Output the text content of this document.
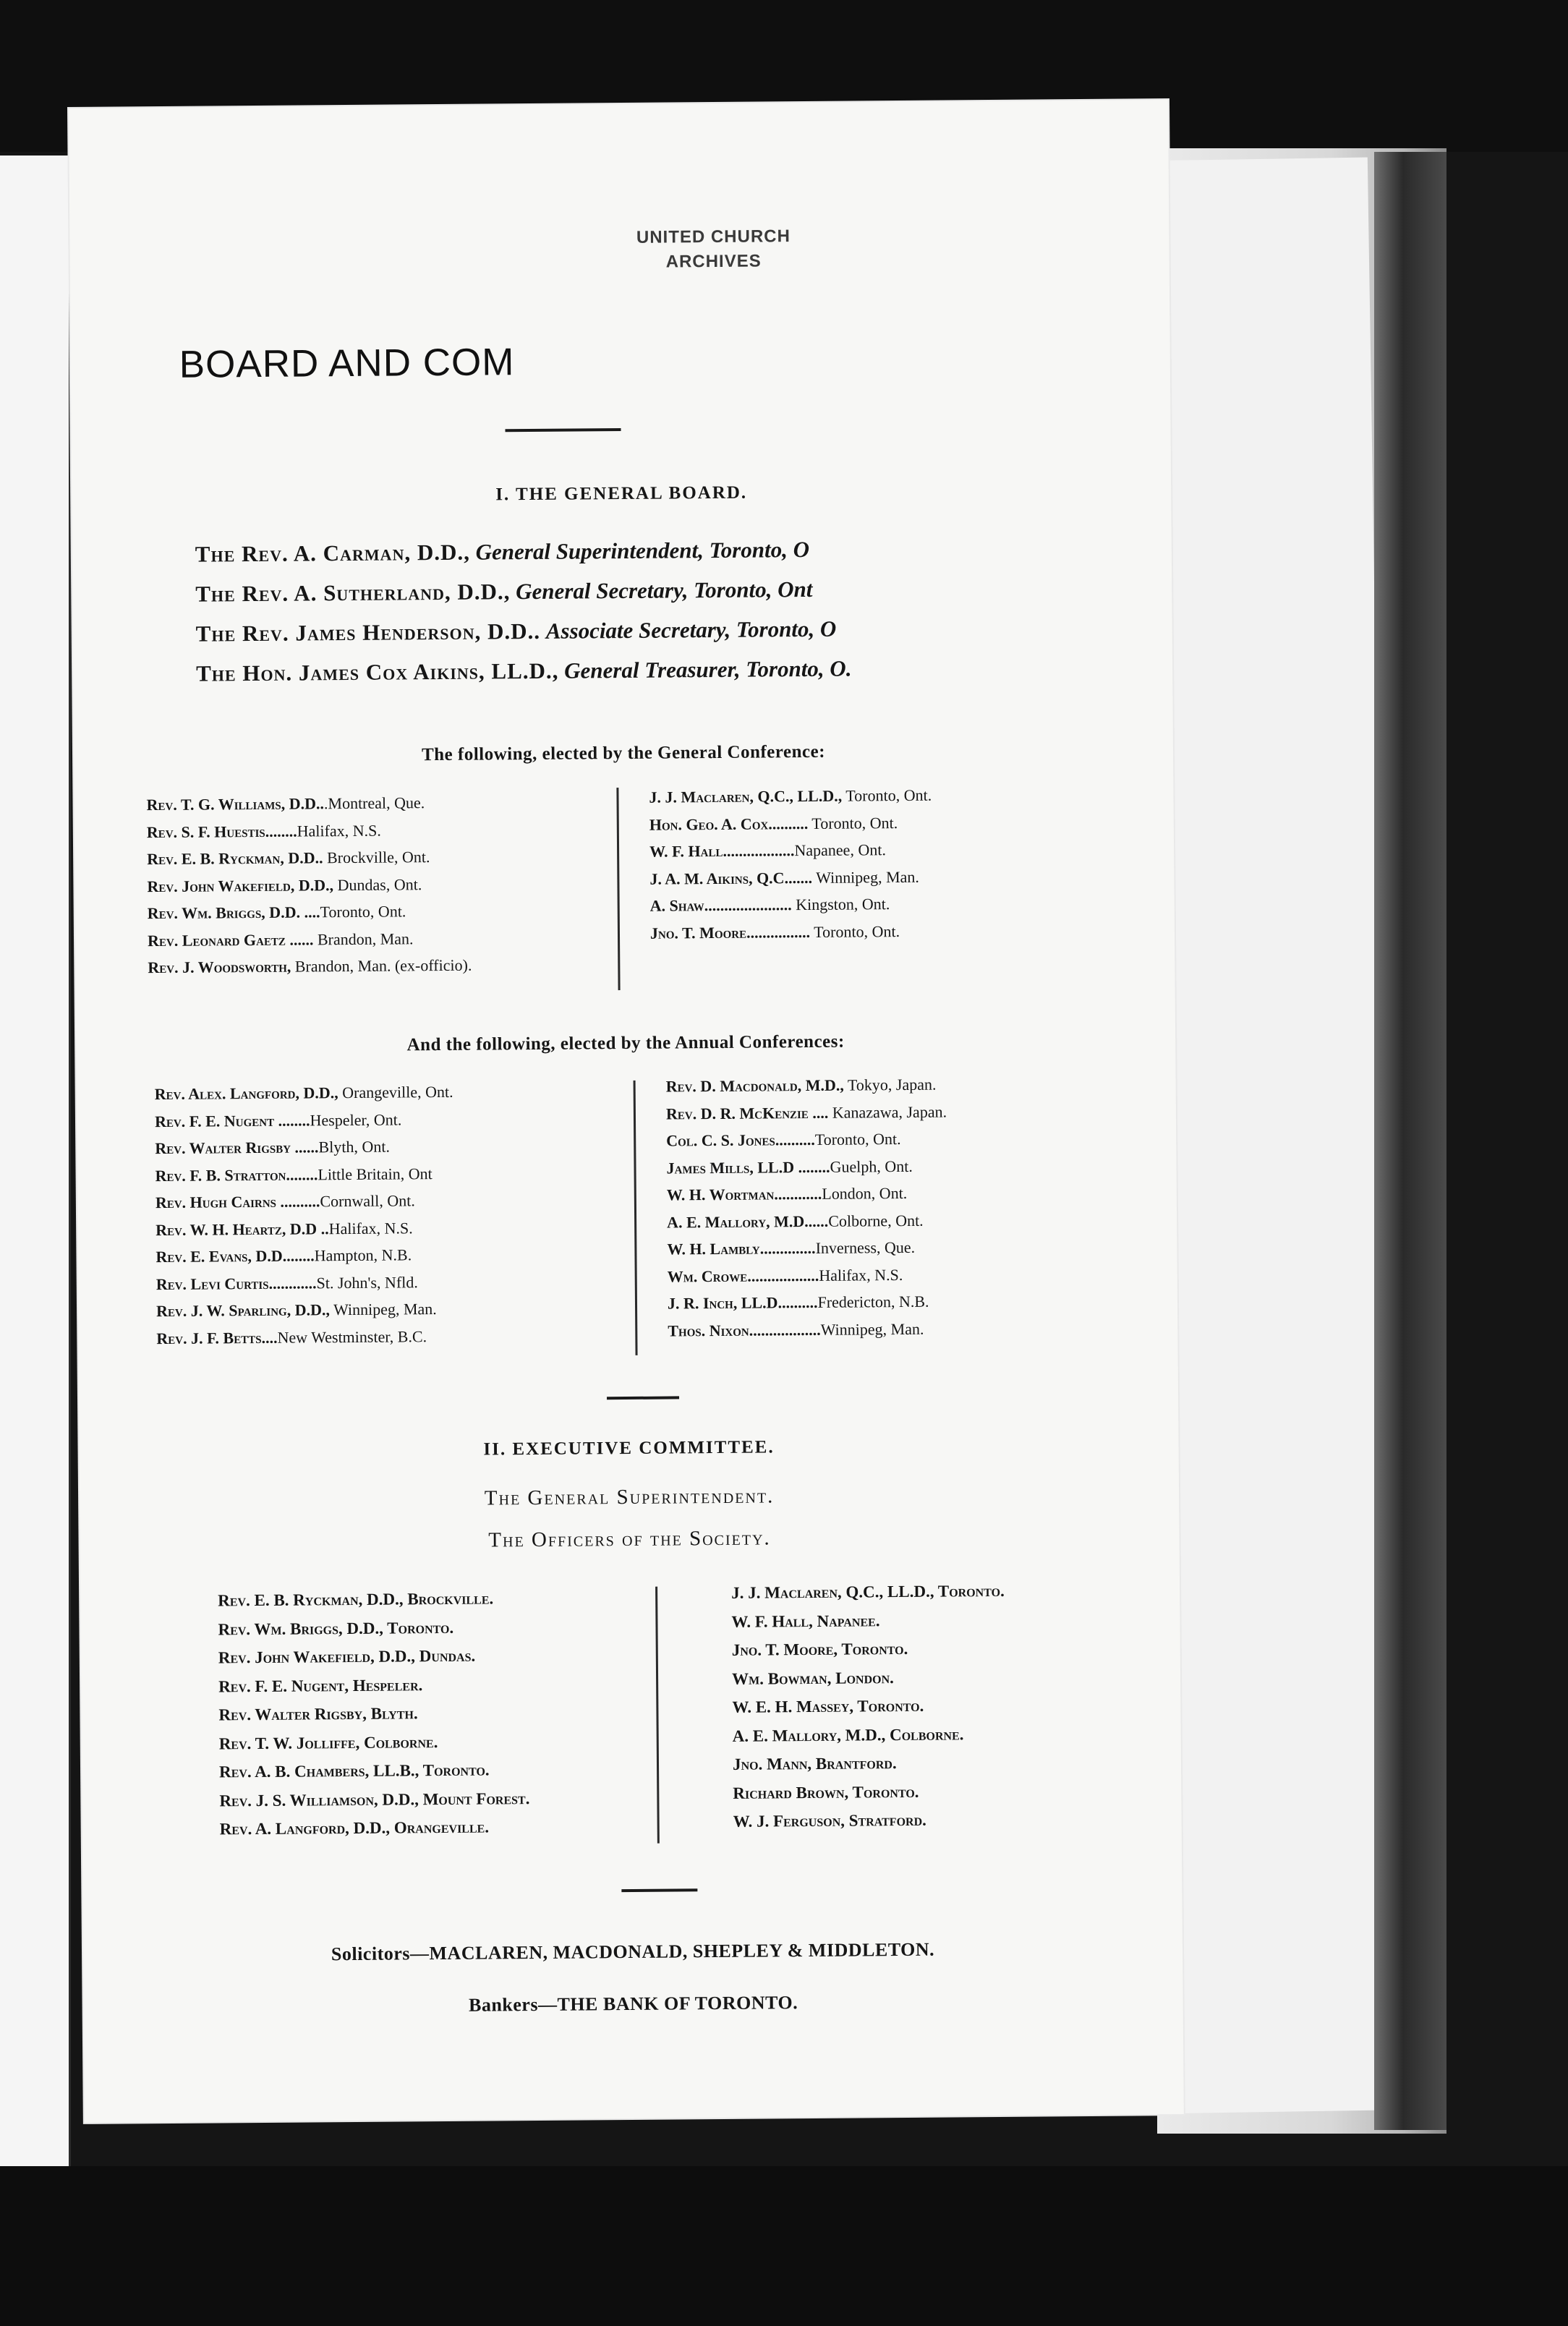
UNITED CHURCH
ARCHIVES
BOARD AND COM
I. THE GENERAL BOARD.
The Rev. A. Carman, D.D., General Superintendent, Toronto, O
The Rev. A. Sutherland, D.D., General Secretary, Toronto, Ont
The Rev. James Henderson, D.D.. Associate Secretary, Toronto, O
The Hon. James Cox Aikins, LL.D., General Treasurer, Toronto, O.
The following, elected by the General Conference:
Rev. T. G. Williams, D.D...Montreal, Que.
Rev. S. F. Huestis........Halifax, N.S.
Rev. E. B. Ryckman, D.D.. Brockville, Ont.
Rev. John Wakefield, D.D., Dundas, Ont.
Rev. Wm. Briggs, D.D. ....Toronto, Ont.
Rev. Leonard Gaetz ...... Brandon, Man.
Rev. J. Woodsworth, Brandon, Man. (ex-officio).
J. J. Maclaren, Q.C., LL.D., Toronto, Ont.
Hon. Geo. A. Cox.......... Toronto, Ont.
W. F. Hall..................Napanee, Ont.
J. A. M. Aikins, Q.C....... Winnipeg, Man.
A. Shaw...................... Kingston, Ont.
Jno. T. Moore................ Toronto, Ont.
And the following, elected by the Annual Conferences:
Rev. Alex. Langford, D.D., Orangeville, Ont.
Rev. F. E. Nugent ........Hespeler, Ont.
Rev. Walter Rigsby ......Blyth, Ont.
Rev. F. B. Stratton........Little Britain, Ont
Rev. Hugh Cairns ..........Cornwall, Ont.
Rev. W. H. Heartz, D.D ..Halifax, N.S.
Rev. E. Evans, D.D........Hampton, N.B.
Rev. Levi Curtis............St. John's, Nfld.
Rev. J. W. Sparling, D.D., Winnipeg, Man.
Rev. J. F. Betts....New Westminster, B.C.
Rev. D. Macdonald, M.D., Tokyo, Japan.
Rev. D. R. McKenzie .... Kanazawa, Japan.
Col. C. S. Jones..........Toronto, Ont.
James Mills, LL.D ........Guelph, Ont.
W. H. Wortman............London, Ont.
A. E. Mallory, M.D......Colborne, Ont.
W. H. Lambly..............Inverness, Que.
Wm. Crowe..................Halifax, N.S.
J. R. Inch, LL.D..........Fredericton, N.B.
Thos. Nixon..................Winnipeg, Man.
II. EXECUTIVE COMMITTEE.
The General Superintendent.
The Officers of the Society.
Rev. E. B. Ryckman, D.D., Brockville.
Rev. Wm. Briggs, D.D., Toronto.
Rev. John Wakefield, D.D., Dundas.
Rev. F. E. Nugent, Hespeler.
Rev. Walter Rigsby, Blyth.
Rev. T. W. Jolliffe, Colborne.
Rev. A. B. Chambers, LL.B., Toronto.
Rev. J. S. Williamson, D.D., Mount Forest.
Rev. A. Langford, D.D., Orangeville.
J. J. Maclaren, Q.C., LL.D., Toronto.
W. F. Hall, Napanee.
Jno. T. Moore, Toronto.
Wm. Bowman, London.
W. E. H. Massey, Toronto.
A. E. Mallory, M.D., Colborne.
Jno. Mann, Brantford.
Richard Brown, Toronto.
W. J. Ferguson, Stratford.
Solicitors—MACLAREN, MACDONALD, SHEPLEY & MIDDLETON.
Bankers—THE BANK OF TORONTO.
